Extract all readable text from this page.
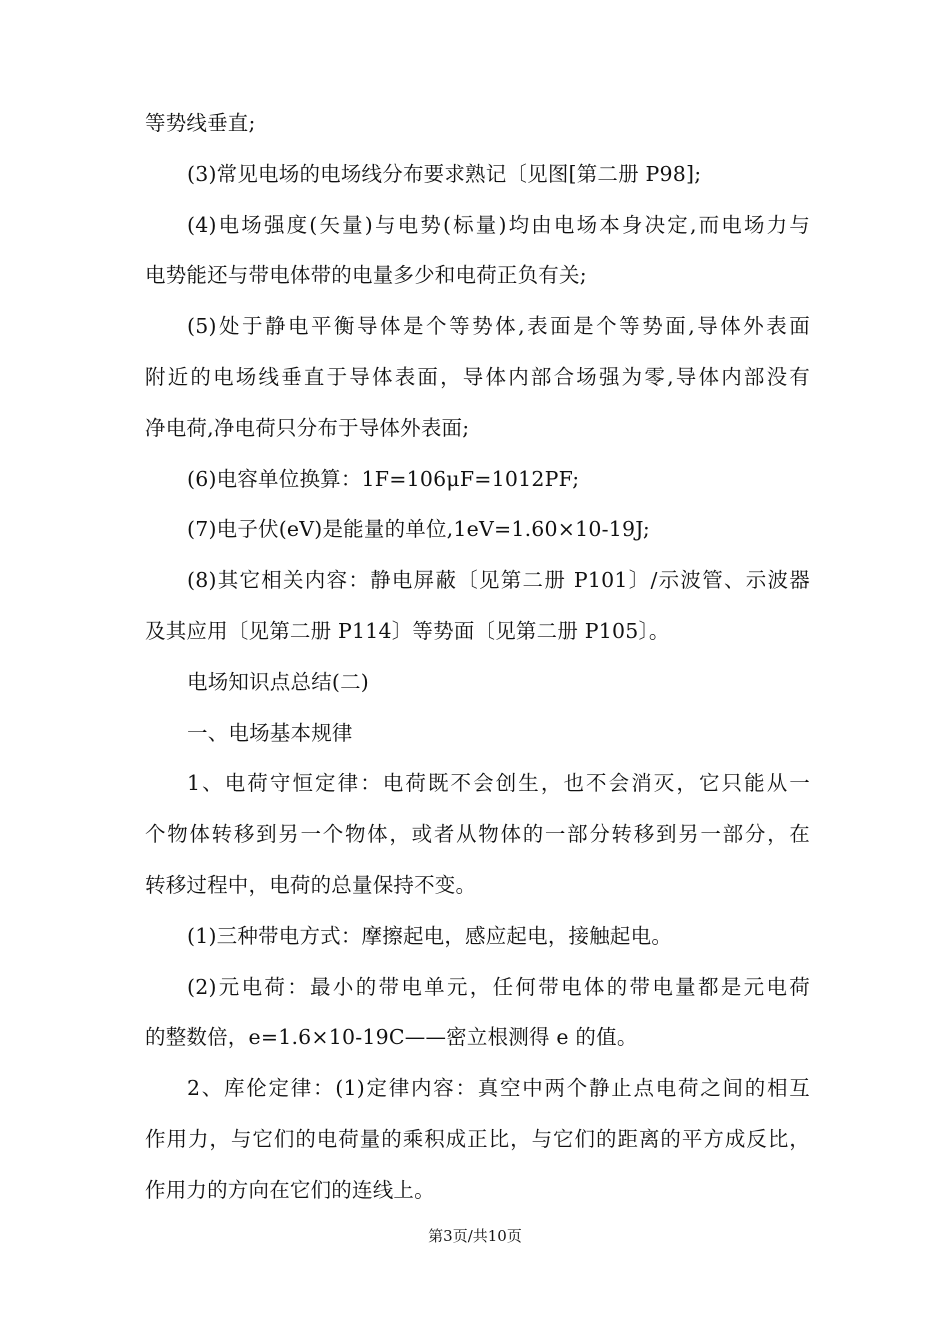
等势线垂直;
(3)常见电场的电场线分布要求熟记〔见图[第二册 P98];
(4)电场强度(矢量)与电势(标量)均由电场本身决定,而电场力与
电势能还与带电体带的电量多少和电荷正负有关;
(5)处于静电平衡导体是个等势体,表面是个等势面,导体外表面
附近的电场线垂直于导体表面，导体内部合场强为零,导体内部没有
净电荷,净电荷只分布于导体外表面;
(6)电容单位换算：1F=106μF=1012PF;
(7)电子伏(eV)是能量的单位,1eV=1.60×10-19J;
(8)其它相关内容：静电屏蔽〔见第二册 P101〕/示波管、示波器
及其应用〔见第二册 P114〕等势面〔见第二册 P105〕。
电场知识点总结(二)
一、电场基本规律
1、电荷守恒定律：电荷既不会创生，也不会消灭，它只能从一
个物体转移到另一个物体，或者从物体的一部分转移到另一部分，在
转移过程中，电荷的总量保持不变。
(1)三种带电方式：摩擦起电，感应起电，接触起电。
(2)元电荷：最小的带电单元，任何带电体的带电量都是元电荷
的整数倍，e=1.6×10-19C——密立根测得 e 的值。
2、库伦定律：(1)定律内容：真空中两个静止点电荷之间的相互
作用力，与它们的电荷量的乘积成正比，与它们的距离的平方成反比，
作用力的方向在它们的连线上。
第3页/共10页
